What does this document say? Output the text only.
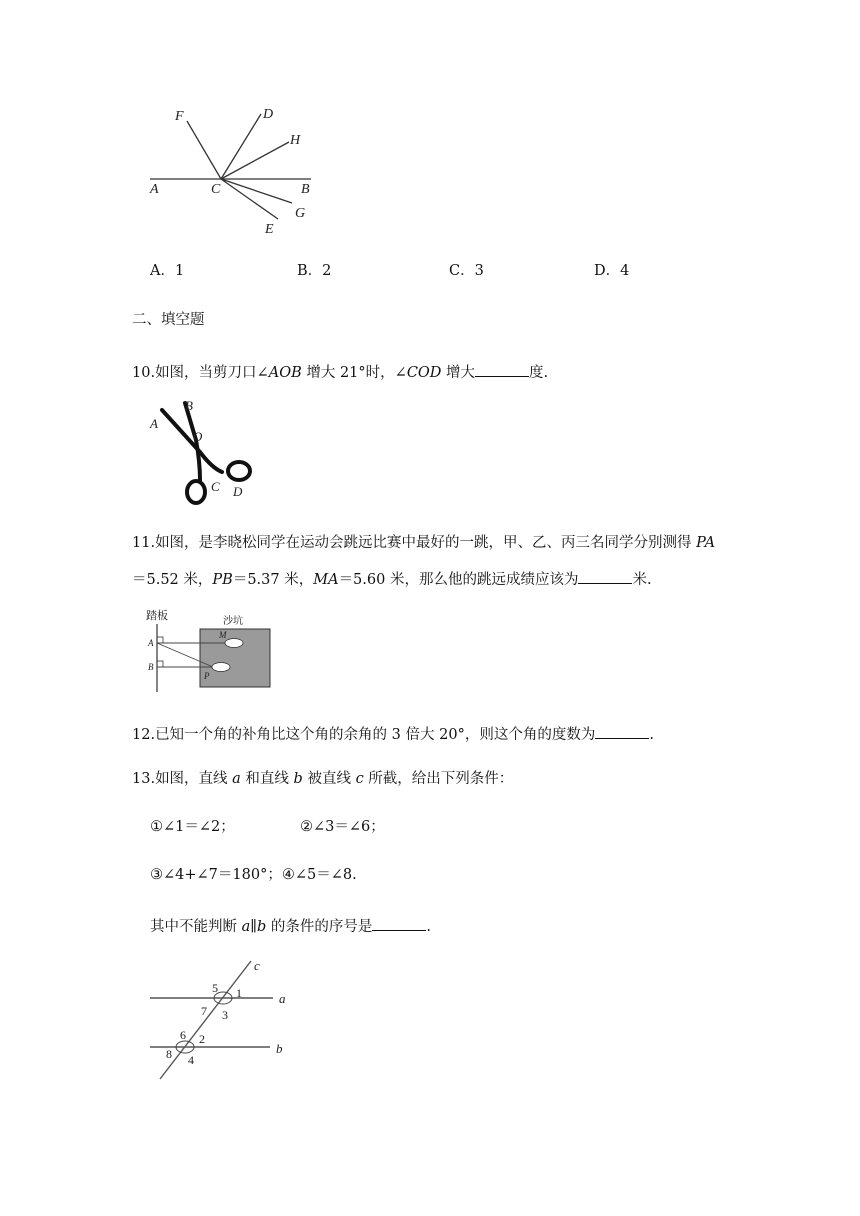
F	D
H
A	C	B
G
E
A．1	B．2	C．3	D．4
二、填空题
10.如图，当剪刀口∠AOB 增大 21°时，∠COD 增大	度.
A
B
O
C D
11.如图，是李晓松同学在运动会跳远比赛中最好的一跳，甲、乙、丙三名同学分别测得 PA
＝5.52 米，PB＝5.37 米，MA＝5.60 米，那么他的跳远成绩应该为	米.
踏板	沙坑
A
B
M
P
12.已知一个角的补角比这个角的余角的 3 倍大 20°，则这个角的度数为	.
13.如图，直线 a 和直线 b 被直线 c 所截，给出下列条件：
①∠1＝∠2；	②∠3＝∠6；
③∠4+∠7＝180°；④∠5＝∠8.
其中不能判断 a∥b 的条件的序号是	.
c
a
b
5 1
7 3
6 2
8 4
